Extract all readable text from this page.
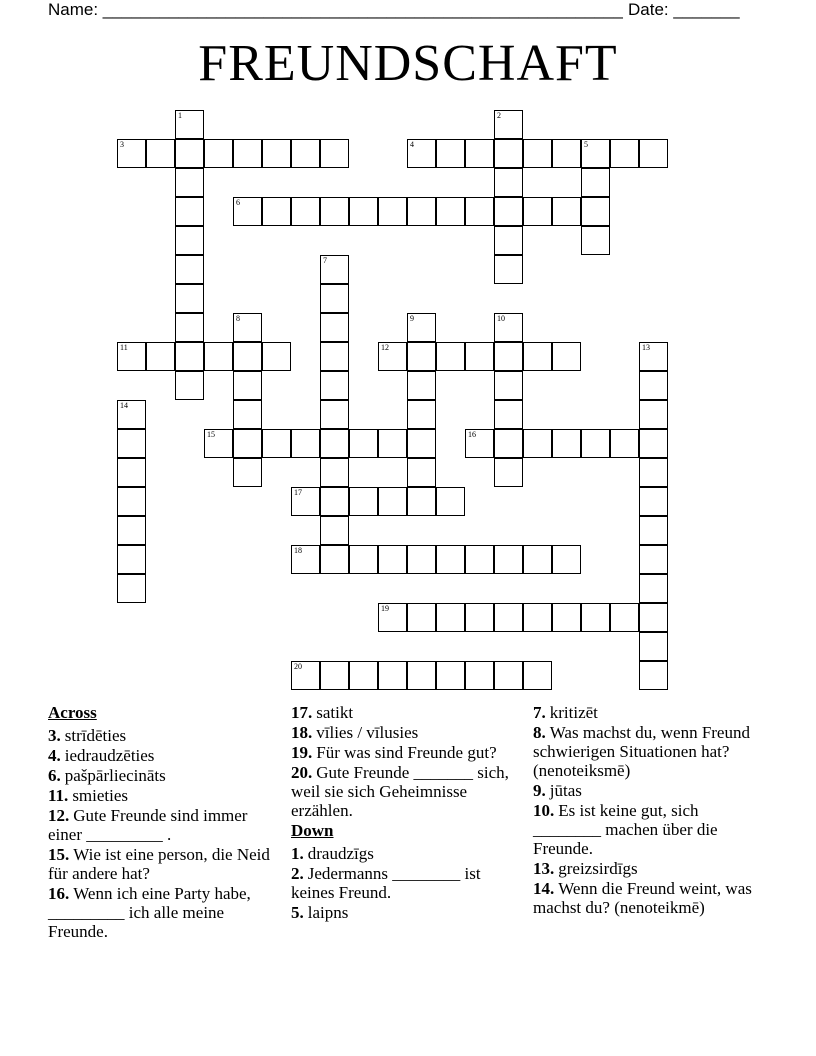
Name: _______________________________________________________ Date: _______
FREUNDSCHAFT
1	2
3	4	5
6
7
8	9	10
11	12	13
14
15	16
17
18
19
20
Across
3. strīdēties
4. iedraudzēties
6. pašpārliecināts
11. smieties
12. Gute Freunde sind immer einer _________ .
15. Wie ist eine person, die Neid für andere hat?
16. Wenn ich eine Party habe, _________ ich alle meine Freunde.
17. satikt
18. vīlies / vīlusies
19. Für was sind Freunde gut?
20. Gute Freunde _______ sich, weil sie sich Geheimnisse erzählen.
Down
1. draudzīgs
2. Jedermanns ________ ist keines Freund.
5. laipns
7. kritizēt
8. Was machst du, wenn Freund schwierigen Situationen hat? (nenoteiksmē)
9. jūtas
10. Es ist keine gut, sich ________ machen über die Freunde.
13. greizsirdīgs
14. Wenn die Freund weint, was machst du? (nenoteikmē)
